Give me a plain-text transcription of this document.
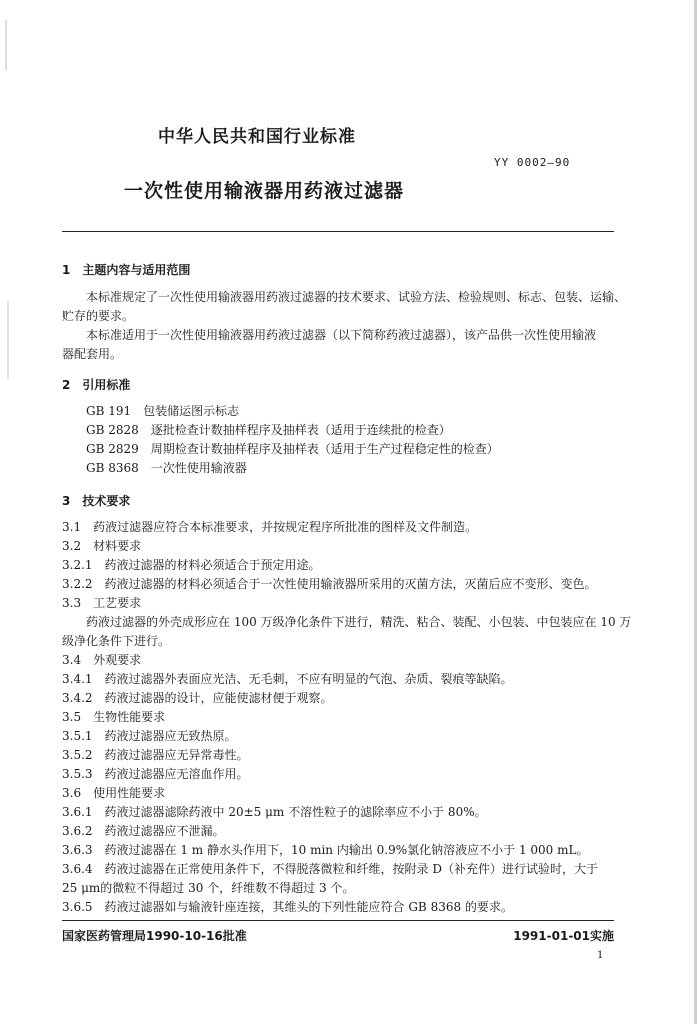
中华人民共和国行业标准
YY 0002—90
一次性使用输液器用药液过滤器
1　主题内容与适用范围
本标准规定了一次性使用输液器用药液过滤器的技术要求、试验方法、检验规则、标志、包装、运输、
贮存的要求。
本标准适用于一次性使用输液器用药液过滤器（以下简称药液过滤器），该产品供一次性使用输液
器配套用。
2　引用标准
GB 191　包装储运图示标志
GB 2828　逐批检查计数抽样程序及抽样表（适用于连续批的检查）
GB 2829　周期检查计数抽样程序及抽样表（适用于生产过程稳定性的检查）
GB 8368　一次性使用输液器
3　技术要求
3.1　药液过滤器应符合本标准要求，并按规定程序所批准的图样及文件制造。
3.2　材料要求
3.2.1　药液过滤器的材料必须适合于预定用途。
3.2.2　药液过滤器的材料必须适合于一次性使用输液器所采用的灭菌方法，灭菌后应不变形、变色。
3.3　工艺要求
药液过滤器的外壳成形应在 100 万级净化条件下进行，精洗、粘合、装配、小包装、中包装应在 10 万
级净化条件下进行。
3.4　外观要求
3.4.1　药液过滤器外表面应光洁、无毛刺，不应有明显的气泡、杂质、裂痕等缺陷。
3.4.2　药液过滤器的设计，应能使滤材便于观察。
3.5　生物性能要求
3.5.1　药液过滤器应无致热原。
3.5.2　药液过滤器应无异常毒性。
3.5.3　药液过滤器应无溶血作用。
3.6　使用性能要求
3.6.1　药液过滤器滤除药液中 20±5 μm 不溶性粒子的滤除率应不小于 80%。
3.6.2　药液过滤器应不泄漏。
3.6.3　药液过滤器在 1 m 静水头作用下，10 min 内输出 0.9%氯化钠溶液应不小于 1 000 mL。
3.6.4　药液过滤器在正常使用条件下，不得脱落微粒和纤维，按附录 D（补充件）进行试验时，大于
25 μm的微粒不得超过 30 个，纤维数不得超过 3 个。
3.6.5　药液过滤器如与输液针座连接，其维头的下列性能应符合 GB 8368 的要求。
国家医药管理局1990-10-16批准	1991-01-01实施
1
